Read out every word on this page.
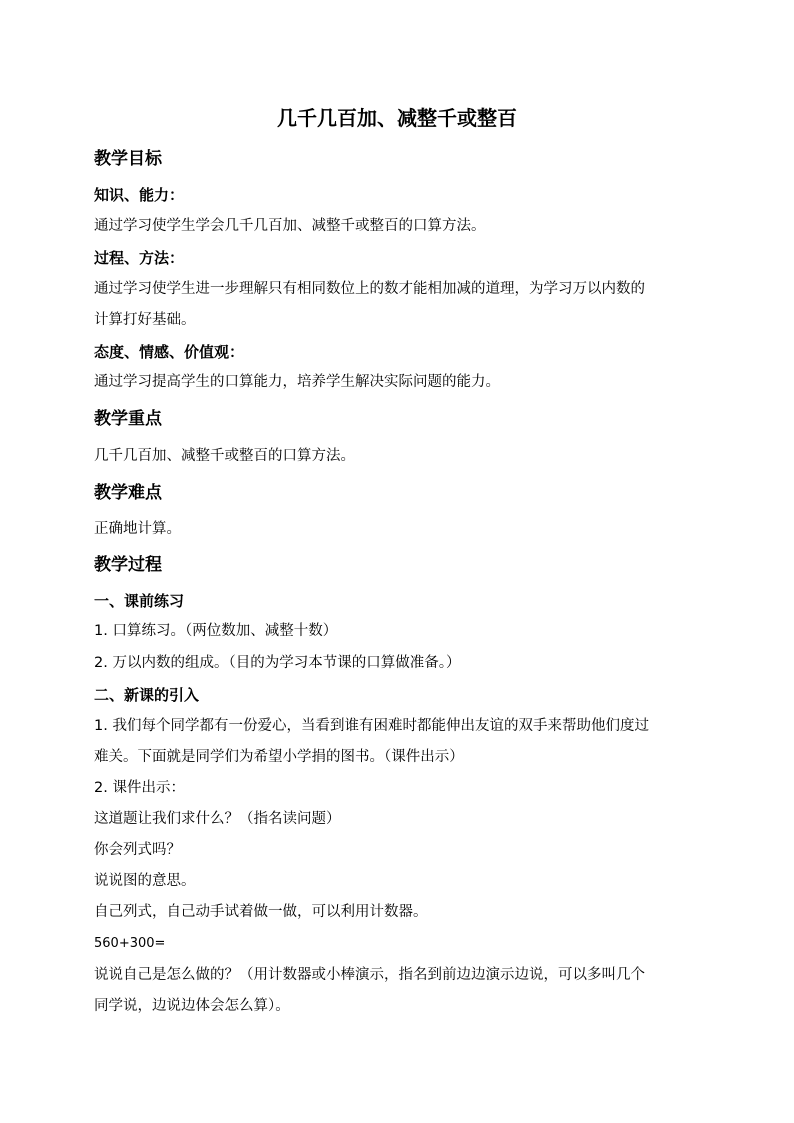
几千几百加、减整千或整百
教学目标
知识、能力：
通过学习使学生学会几千几百加、减整千或整百的口算方法。
过程、方法：
通过学习使学生进一步理解只有相同数位上的数才能相加减的道理，为学习万以内数的
计算打好基础。
态度、情感、价值观：
通过学习提高学生的口算能力，培养学生解决实际问题的能力。
教学重点
几千几百加、减整千或整百的口算方法。
教学难点
正确地计算。
教学过程
一、课前练习
1. 口算练习。（两位数加、减整十数）
2. 万以内数的组成。（目的为学习本节课的口算做准备。）
二、新课的引入
1. 我们每个同学都有一份爱心，当看到谁有困难时都能伸出友谊的双手来帮助他们度过
难关。下面就是同学们为希望小学捐的图书。（课件出示）
2. 课件出示：
这道题让我们求什么？（指名读问题）
你会列式吗？
说说图的意思。
自己列式，自己动手试着做一做，可以利用计数器。
560+300=
说说自己是怎么做的？（用计数器或小棒演示，指名到前边边演示边说，可以多叫几个
同学说，边说边体会怎么算）。
